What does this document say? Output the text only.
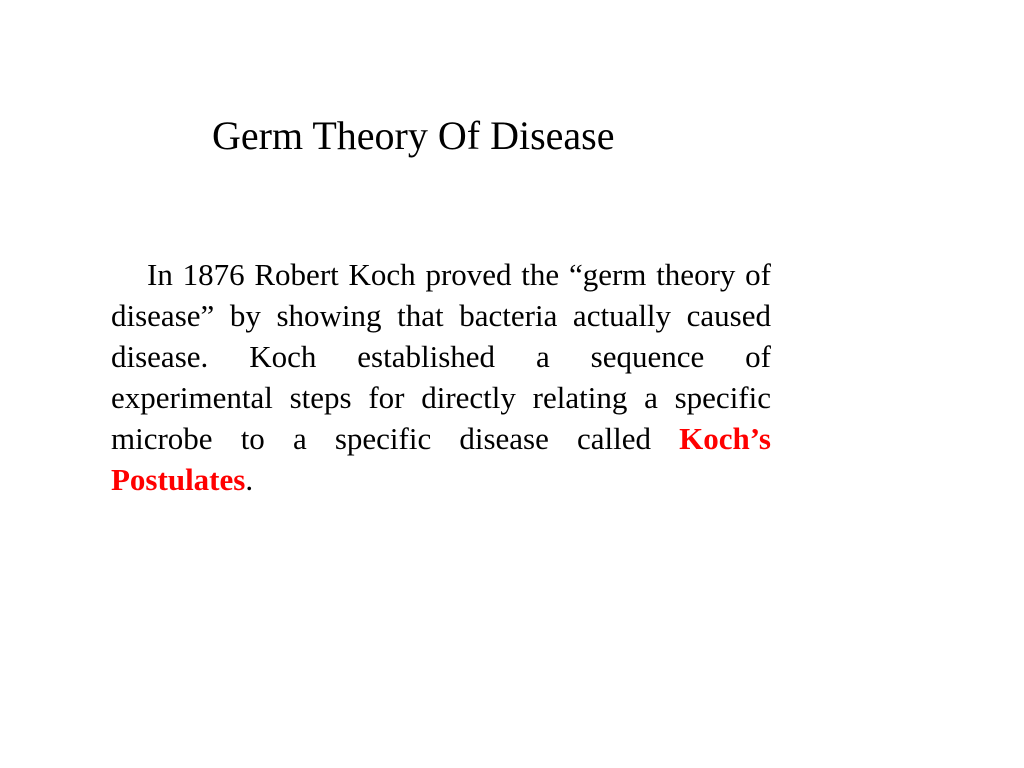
Germ Theory Of Disease

In 1876 Robert Koch proved the “germ theory of disease” by showing that bacteria actually caused disease. Koch established a sequence of experimental steps for directly relating a specific microbe to a specific disease called Koch’s Postulates.
